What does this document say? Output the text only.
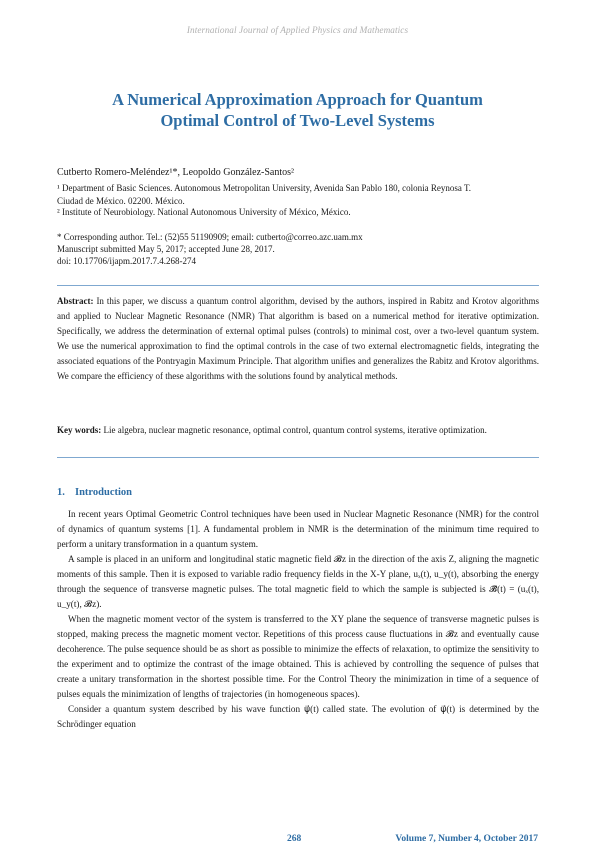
International Journal of Applied Physics and Mathematics
A Numerical Approximation Approach for Quantum
Optimal Control of Two-Level Systems
Cutberto Romero-Meléndez¹*, Leopoldo González-Santos²
¹ Department of Basic Sciences. Autonomous Metropolitan University, Avenida San Pablo 180, colonia Reynosa T. Ciudad de México. 02200. México.
² Institute of Neurobiology. National Autonomous University of México, México.
* Corresponding author. Tel.: (52)55 51190909; email: cutberto@correo.azc.uam.mx
Manuscript submitted May 5, 2017; accepted June 28, 2017.
doi: 10.17706/ijapm.2017.7.4.268-274
Abstract: In this paper, we discuss a quantum control algorithm, devised by the authors, inspired in Rabitz and Krotov algorithms and applied to Nuclear Magnetic Resonance (NMR) That algorithm is based on a numerical method for iterative optimization. Specifically, we address the determination of external optimal pulses (controls) to minimal cost, over a two-level quantum system. We use the numerical approximation to find the optimal controls in the case of two external electromagnetic fields, integrating the associated equations of the Pontryagin Maximum Principle. That algorithm unifies and generalizes the Rabitz and Krotov algorithms. We compare the efficiency of these algorithms with the solutions found by analytical methods.
Key words: Lie algebra, nuclear magnetic resonance, optimal control, quantum control systems, iterative optimization.
1. Introduction

In recent years Optimal Geometric Control techniques have been used in Nuclear Magnetic Resonance (NMR) for the control of dynamics of quantum systems [1]. A fundamental problem in NMR is the determination of the minimum time required to perform a unitary transformation in a quantum system.

A sample is placed in an uniform and longitudinal static magnetic field 𝓑z in the direction of the axis Z, aligning the magnetic moments of this sample. Then it is exposed to variable radio frequency fields in the X-Y plane, uₓ(t), u_y(t), absorbing the energy through the sequence of transverse magnetic pulses. The total magnetic field to which the sample is subjected is 𝓑⃗(t) = (uₓ(t), u_y(t), 𝓑z).

When the magnetic moment vector of the system is transferred to the XY plane the sequence of transverse magnetic pulses is stopped, making precess the magnetic moment vector. Repetitions of this process cause fluctuations in 𝓑z and eventually cause decoherence. The pulse sequence should be as short as possible to minimize the effects of relaxation, to optimize the sensitivity to the experiment and to optimize the contrast of the image obtained. This is achieved by controlling the sequence of pulses that create a unitary transformation in the shortest possible time. For the Control Theory the minimization in time of a sequence of pulses equals the minimization of lengths of trajectories (in homogeneous spaces).

Consider a quantum system described by his wave function ψ⃗(t) called state. The evolution of ψ⃗(t) is determined by the Schrödinger equation

268	Volume 7, Number 4, October 2017
